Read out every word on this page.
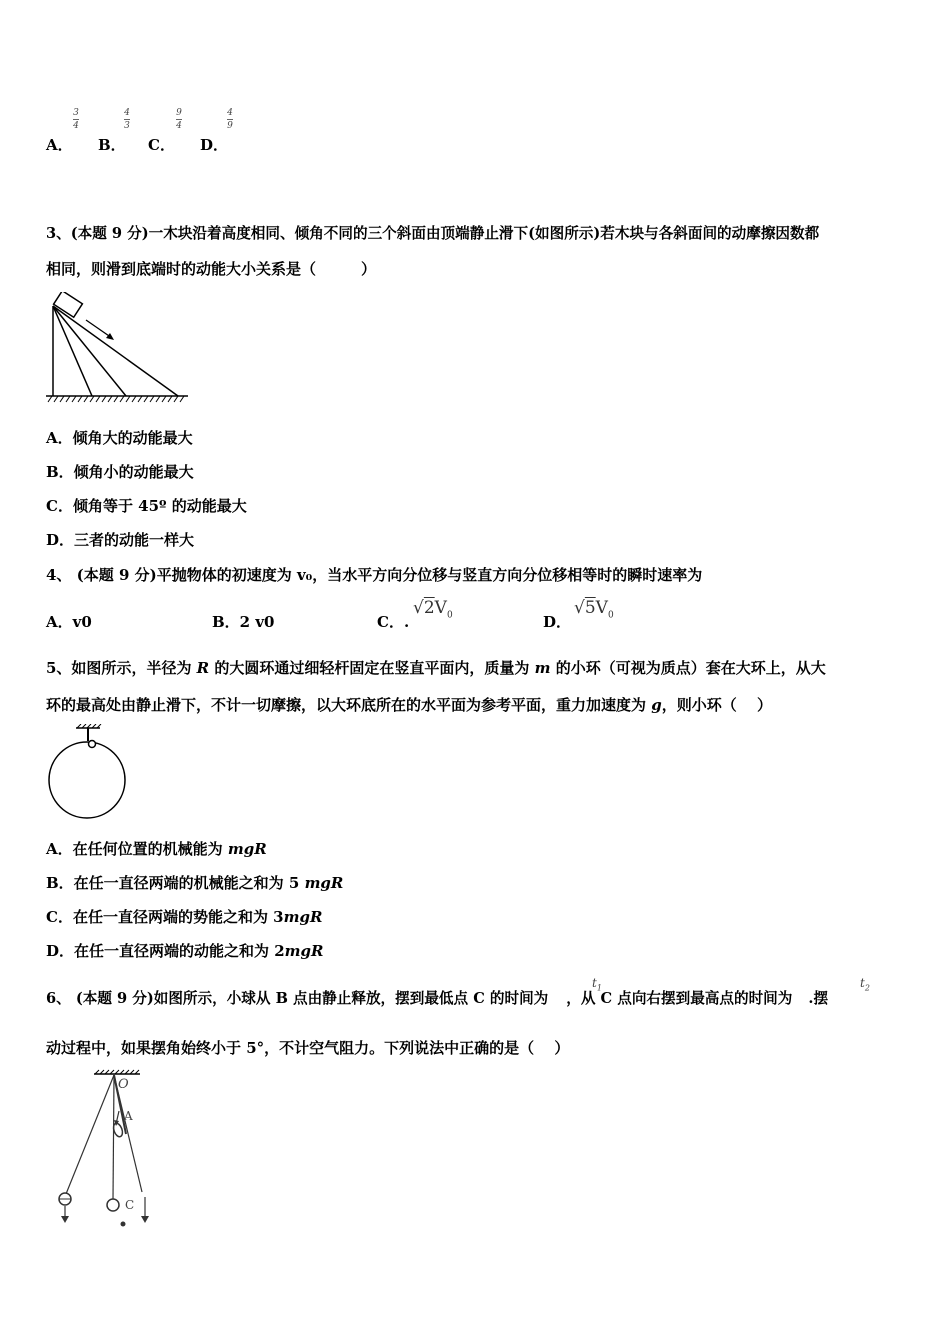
A．
3
4
B．
4
3
C．
9
4
D．
4
9
3、(本题 9 分)一木块沿着高度相同、倾角不同的三个斜面由顶端静止滑下(如图所示)若木块与各斜面间的动摩擦因数都
相同，则滑到底端时的动能大小关系是（　　　）
A．倾角大的动能最大
B．倾角小的动能最大
C．倾角等于 45º 的动能最大
D．三者的动能一样大
4、 (本题 9 分)平抛物体的初速度为 v₀，当水平方向分位移与竖直方向分位移相等时的瞬时速率为
A．v0	B．2 v0	C．.
$√2V_0$	D．
$√5V_0$
5、如图所示，半径为 R 的大圆环通过细轻杆固定在竖直平面内，质量为 m 的小环（可视为质点）套在大环上，从大
环的最高处由静止滑下，不计一切摩擦，以大环底所在的水平面为参考平面，重力加速度为 g，则小环（　 ）
A．在任何位置的机械能为 mgR
B．在任一直径两端的机械能之和为 5 mgR
C．在任一直径两端的势能之和为 3mgR
D．在任一直径两端的动能之和为 2mgR
6、 (本题 9 分)如图所示，小球从 B 点由静止释放，摆到最低点 C 的时间为 ，从 C 点向右摆到最高点的时间为 .摆
$t_1$	$t_2$
动过程中，如果摆角始终小于 5°，不计空气阻力。下列说法中正确的是（　 ）
O
A
C
